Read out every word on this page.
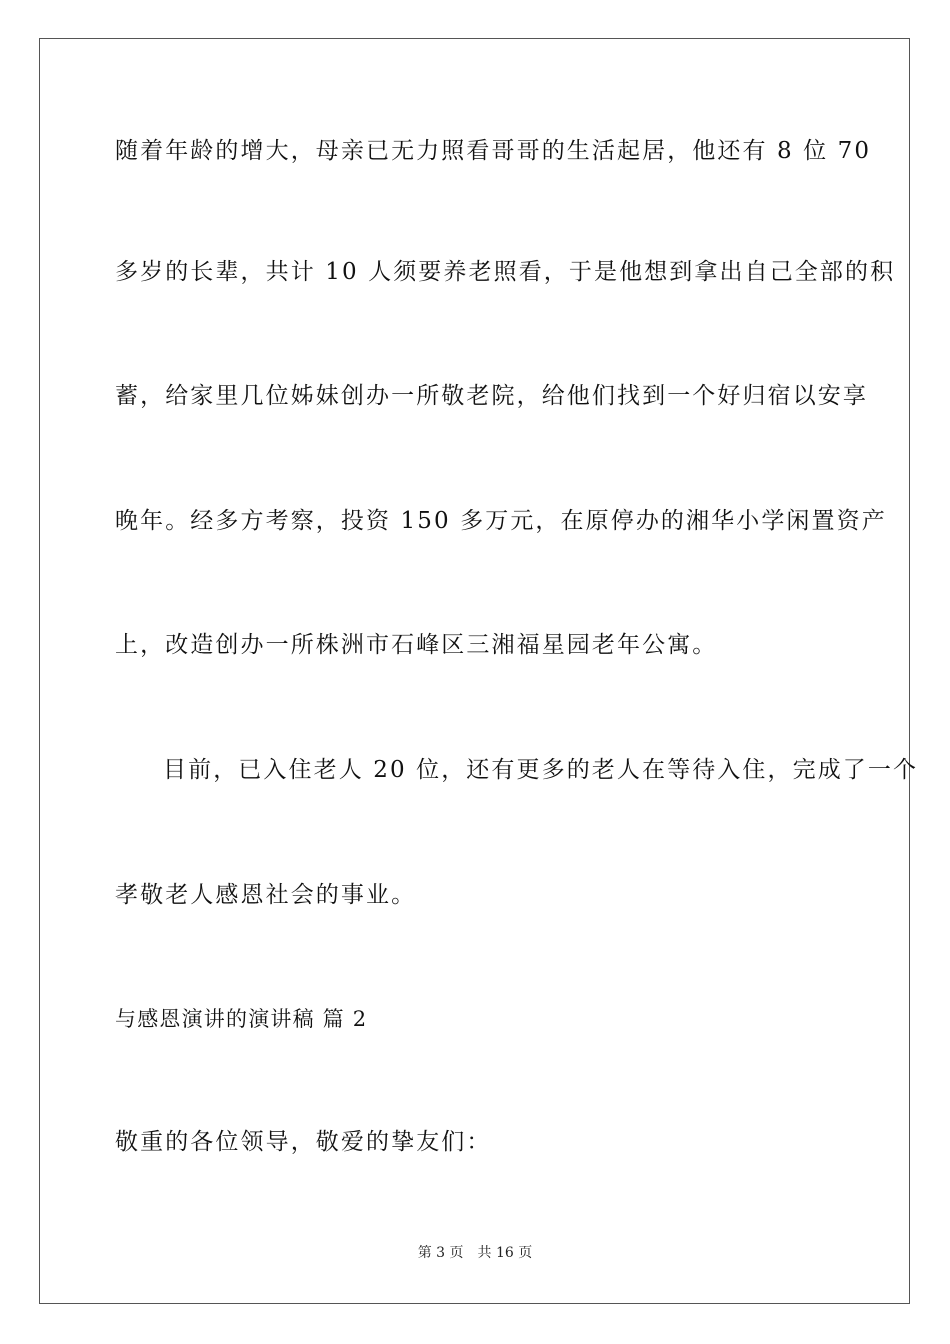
随着年龄的增大，母亲已无力照看哥哥的生活起居，他还有 8 位 70
多岁的长辈，共计 10 人须要养老照看，于是他想到拿出自己全部的积
蓄，给家里几位姊妹创办一所敬老院，给他们找到一个好归宿以安享
晚年。经多方考察，投资 150 多万元，在原停办的湘华小学闲置资产
上，改造创办一所株洲市石峰区三湘福星园老年公寓。
目前，已入住老人 20 位，还有更多的老人在等待入住，完成了一个
孝敬老人感恩社会的事业。
与感恩演讲的演讲稿 篇 2
敬重的各位领导，敬爱的挚友们：
第 3 页 共 16 页
